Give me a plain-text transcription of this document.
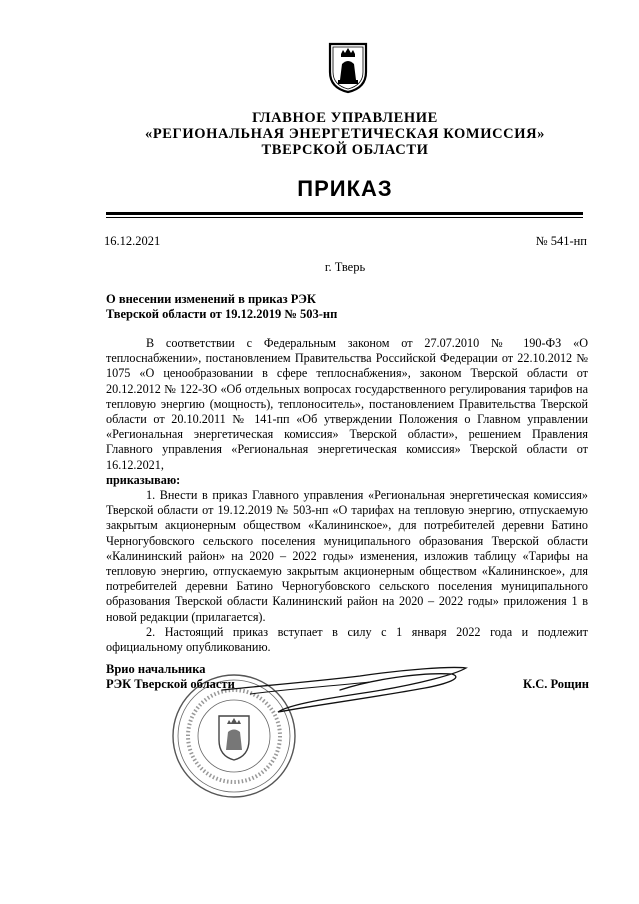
ГЛАВНОЕ УПРАВЛЕНИЕ
«РЕГИОНАЛЬНАЯ ЭНЕРГЕТИЧЕСКАЯ КОМИССИЯ»
ТВЕРСКОЙ ОБЛАСТИ
ПРИКАЗ
16.12.2021	№ 541-нп
г. Тверь
О внесении изменений в приказ РЭК
Тверской области от 19.12.2019 № 503-нп

В соответствии с Федеральным законом от 27.07.2010 № 190-ФЗ «О теплоснабжении», постановлением Правительства Российской Федерации от 22.10.2012 № 1075 «О ценообразовании в сфере теплоснабжения», законом Тверской области от 20.12.2012 № 122-ЗО «Об отдельных вопросах государственного регулирования тарифов на тепловую энергию (мощность), теплоноситель», постановлением Правительства Тверской области от 20.10.2011 № 141-пп «Об утверждении Положения о Главном управлении «Региональная энергетическая комиссия» Тверской области», решением Правления Главного управления «Региональная энергетическая комиссия» Тверской области от 16.12.2021,

приказываю:

1. Внести в приказ Главного управления «Региональная энергетическая комиссия» Тверской области от 19.12.2019 № 503-нп «О тарифах на тепловую энергию, отпускаемую закрытым акционерным обществом «Калининское», для потребителей деревни Батино Черногубовского сельского поселения муниципального образования Тверской области «Калининский район» на 2020 – 2022 годы» изменения, изложив таблицу «Тарифы на тепловую энергию, отпускаемую закрытым акционерным обществом «Калининское», для потребителей деревни Батино Черногубовского сельского поселения муниципального образования Тверской области Калининский район на 2020 – 2022 годы» приложения 1 в новой редакции (прилагается).

2. Настоящий приказ вступает в силу с 1 января 2022 года и подлежит официальному опубликованию.

Врио начальника
РЭК Тверской области	К.С. Рощин
